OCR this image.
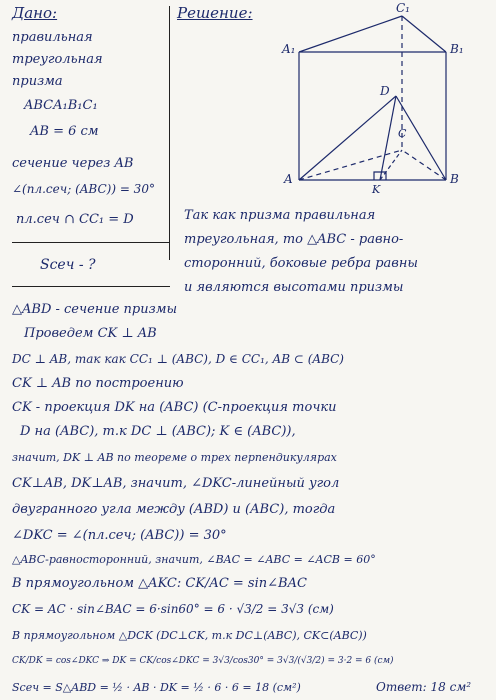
Дано:
правильная
треугольная
призма
ABCA₁B₁C₁
AB = 6 см
сечение через AB
∠(пл.сеч; (ABC)) = 30°
пл.сеч ∩ CC₁ = D
Sсеч - ?
Решение:	C₁
A₁	B₁
D
C
A
K
B
Так как призма правильная
треугольная, то △ABC - равно-
сторонний, боковые ребра равны
и являются высотами призмы
△ABD - сечение призмы
Проведем CK ⊥ AB
DC ⊥ AB, так как CC₁ ⊥ (ABC), D ∈ CC₁, AB ⊂ (ABC)
CK ⊥ AB по построению
CK - проекция DK на (ABC) (C-проекция точки
D на (ABC), т.к DC ⊥ (ABC); K ∈ (ABC)),
значит, DK ⊥ AB по теореме о трех перпендикулярах
CK⊥AB, DK⊥AB, значит, ∠DKC-линейный угол
двугранного угла между (ABD) и (ABC), тогда
∠DKC = ∠(пл.сеч; (ABC)) = 30°
△ABC-равносторонний, значит, ∠BAC = ∠ABC = ∠ACB = 60°
В прямоугольном △AKC: CK/AC = sin∠BAC
CK = AC · sin∠BAC = 6·sin60° = 6 · √3/2 = 3√3 (см)
В прямоугольном △DCK (DC⊥CK, т.к DC⊥(ABC), CK⊂(ABC))
CK/DK = cos∠DKC ⇒ DK = CK/cos∠DKC = 3√3/cos30° = 3√3/(√3/2) = 3·2 = 6 (см)
Sсеч = S△ABD = ½ · AB · DK = ½ · 6 · 6 = 18 (см²)	Ответ: 18 см²
